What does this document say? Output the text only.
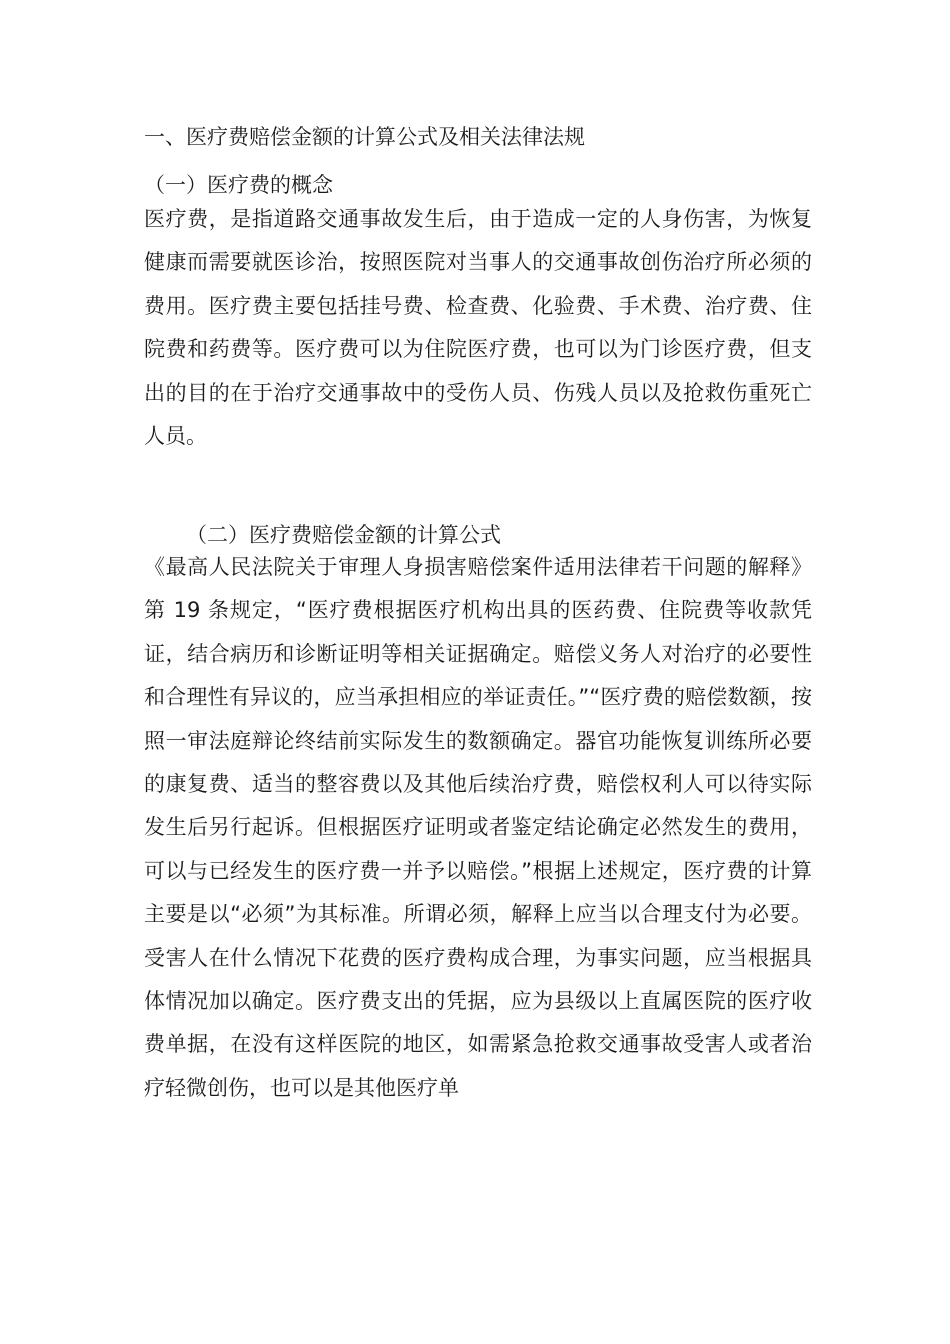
一、医疗费赔偿金额的计算公式及相关法律法规
（一）医疗费的概念

医疗费，是指道路交通事故发生后，由于造成一定的人身伤害，为恢复健康而需要就医诊治，按照医院对当事人的交通事故创伤治疗所必须的费用。医疗费主要包括挂号费、检查费、化验费、手术费、治疗费、住院费和药费等。医疗费可以为住院医疗费，也可以为门诊医疗费，但支出的目的在于治疗交通事故中的受伤人员、伤残人员以及抢救伤重死亡人员。

（二）医疗费赔偿金额的计算公式

《最高人民法院关于审理人身损害赔偿案件适用法律若干问题的解释》第 19 条规定，“医疗费根据医疗机构出具的医药费、住院费等收款凭证，结合病历和诊断证明等相关证据确定。赔偿义务人对治疗的必要性和合理性有异议的，应当承担相应的举证责任。”“医疗费的赔偿数额，按照一审法庭辩论终结前实际发生的数额确定。器官功能恢复训练所必要的康复费、适当的整容费以及其他后续治疗费，赔偿权利人可以待实际发生后另行起诉。但根据医疗证明或者鉴定结论确定必然发生的费用，可以与已经发生的医疗费一并予以赔偿。”根据上述规定，医疗费的计算主要是以“必须”为其标准。所谓必须，解释上应当以合理支付为必要。受害人在什么情况下花费的医疗费构成合理，为事实问题，应当根据具体情况加以确定。医疗费支出的凭据，应为县级以上直属医院的医疗收费单据，在没有这样医院的地区，如需紧急抢救交通事故受害人或者治疗轻微创伤，也可以是其他医疗单
